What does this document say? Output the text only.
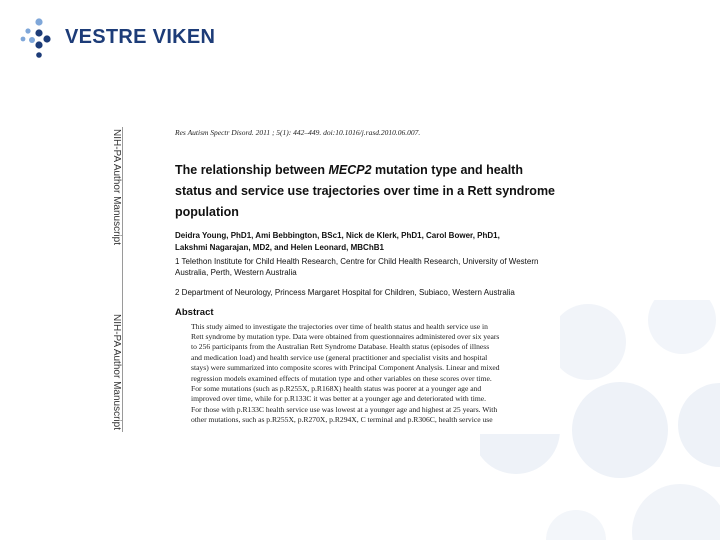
VESTRE VIKEN
NIH-PA Author Manuscript
NIH-PA Author Manuscript

Res Autism Spectr Disord. 2011 ; 5(1): 442–449. doi:10.1016/j.rasd.2010.06.007.

The relationship between MECP2 mutation type and health status and service use trajectories over time in a Rett syndrome population

Deidra Young, PhD1, Ami Bebbington, BSc1, Nick de Klerk, PhD1, Carol Bower, PhD1,

Lakshmi Nagarajan, MD2, and Helen Leonard, MBChB1

1 Telethon Institute for Child Health Research, Centre for Child Health Research, University of Western Australia, Perth, Western Australia

2 Department of Neurology, Princess Margaret Hospital for Children, Subiaco, Western Australia

Abstract
This study aimed to investigate the trajectories over time of health status and health service use in
Rett syndrome by mutation type. Data were obtained from questionnaires administered over six years
to 256 participants from the Australian Rett Syndrome Database. Health status (episodes of illness
and medication load) and health service use (general practitioner and specialist visits and hospital
stays) were summarized into composite scores with Principal Component Analysis. Linear and mixed
regression models examined effects of mutation type and other variables on these scores over time.
For some mutations (such as p.R255X, p.R168X) health status was poorer at a younger age and
improved over time, while for p.R133C it was better at a younger age and deteriorated with time.
For those with p.R133C health service use was lowest at a younger age and highest at 25 years. With
other mutations, such as p.R255X, p.R270X, p.R294X, C terminal and p.R306C, health service use
